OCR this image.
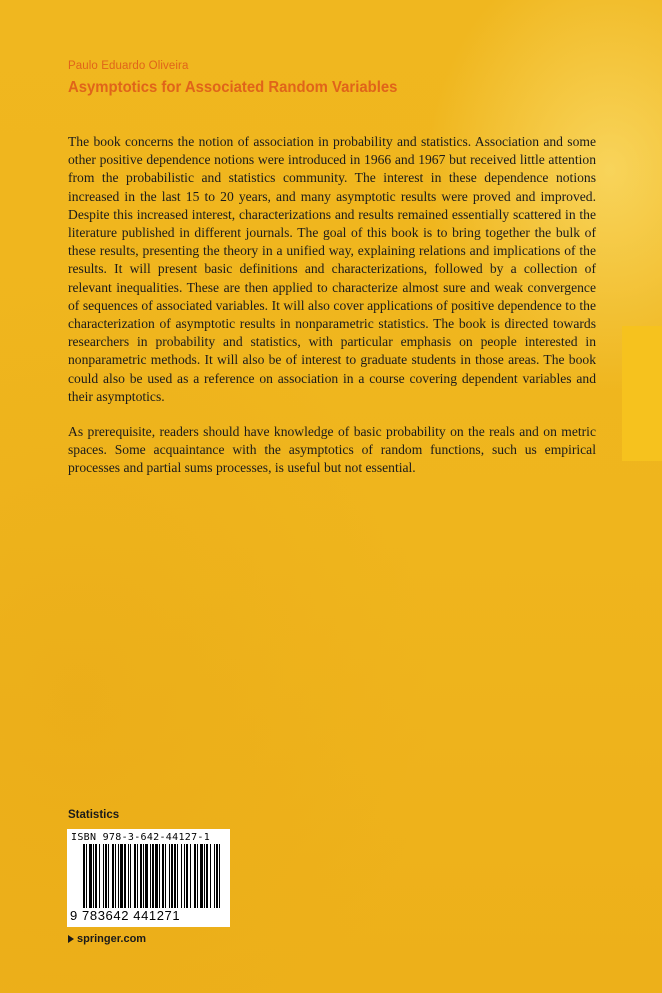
Paulo Eduardo Oliveira
Asymptotics for Associated Random Variables

The book concerns the notion of association in probability and statistics. Association and some other positive dependence notions were introduced in 1966 and 1967 but received little attention from the probabilistic and statistics community. The interest in these dependence notions increased in the last 15 to 20 years, and many asymptotic results were proved and improved. Despite this increased interest, characterizations and results remained essentially scattered in the literature published in different journals. The goal of this book is to bring together the bulk of these results, presenting the theory in a unified way, explaining relations and implications of the results. It will present basic definitions and characterizations, followed by a collection of relevant inequalities. These are then applied to characterize almost sure and weak convergence of sequences of associated variables. It will also cover applications of positive dependence to the characterization of asymptotic results in nonparametric statistics. The book is directed towards researchers in probability and statistics, with particular emphasis on people interested in nonparametric methods. It will also be of interest to graduate students in those areas. The book could also be used as a reference on association in a course covering dependent variables and their asymptotics.

As prerequisite, readers should have knowledge of basic probability on the reals and on metric spaces. Some acquaintance with the asymptotics of random functions, such us empirical processes and partial sums processes, is useful but not essential.

Statistics
ISBN 978-3-642-44127-1
9 783642 441271
springer.com
